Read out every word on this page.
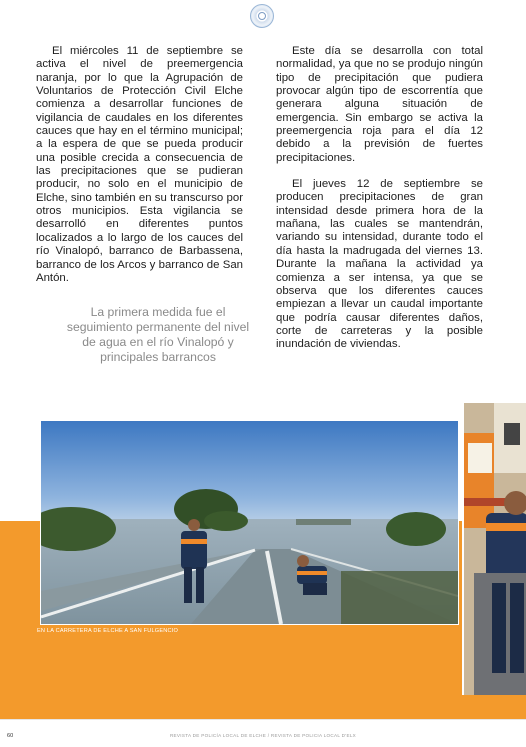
El miércoles 11 de septiembre se activa el nivel de preemergencia naranja, por lo que la Agrupación de Voluntarios de Protección Civil Elche comienza a desarrollar funciones de vigilancia de caudales en los diferentes cauces que hay en el término municipal; a la espera de que se pueda producir una posible crecida a consecuencia de las precipitaciones que se pudieran producir, no solo en el municipio de Elche, sino también en su transcurso por otros municipios. Esta vigilancia se desarrolló en diferentes puntos localizados a lo largo de los cauces del río Vinalopó, barranco de Barbassena, barranco de los Arcos y barranco de San Antón.

La primera medida fue el seguimiento permanente del nivel de agua en el río Vinalopó y principales barrancos

Este día se desarrolla con total normalidad, ya que no se produjo ningún tipo de precipitación que pudiera provocar algún tipo de escorrentía que generara alguna situación de emergencia. Sin embargo se activa la preemergencia roja para el día 12 debido a la previsión de fuertes precipitaciones.

El jueves 12 de septiembre se producen precipitaciones de gran intensidad desde primera hora de la mañana, las cuales se mantendrán, variando su intensidad, durante todo el día hasta la madrugada del viernes 13. Durante la mañana la actividad ya comienza a ser intensa, ya que se observa que los diferentes cauces empiezan a llevar un caudal importante que podría causar diferentes daños, corte de carreteras y la posible inundación de viviendas.

EN LA CARRETERA DE ELCHE A SAN FULGENCIO
60	REVISTA DE POLICÍA LOCAL DE ELCHE / REVISTA DE POLICIA LOCAL D'ELX
